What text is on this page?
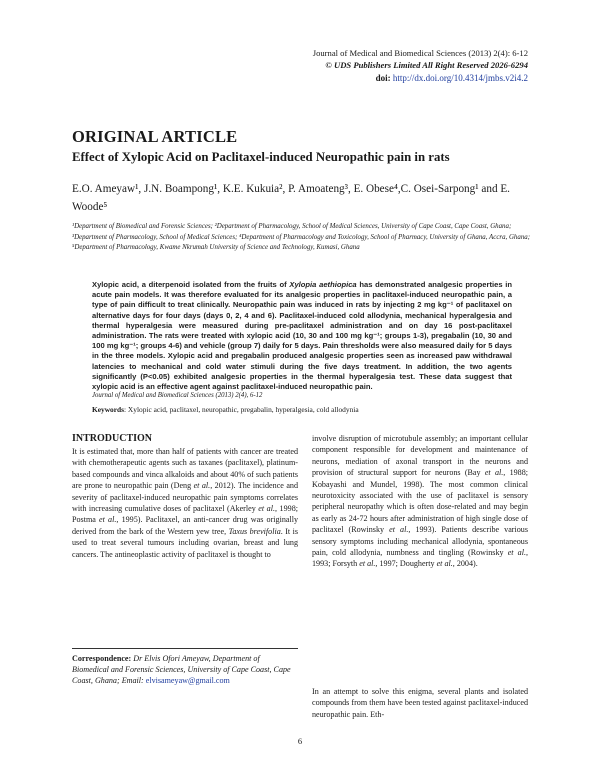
Journal of Medical and Biomedical Sciences (2013) 2(4): 6-12
© UDS Publishers Limited All Right Reserved 2026-6294
doi: http://dx.doi.org/10.4314/jmbs.v2i4.2
ORIGINAL ARTICLE
Effect of Xylopic Acid on Paclitaxel-induced Neuropathic pain in rats
E.O. Ameyaw¹, J.N. Boampong¹, K.E. Kukuia², P. Amoateng³, E. Obese⁴,C. Osei-Sarpong¹ and E. Woode⁵
¹Department of Biomedical and Forensic Sciences; ²Department of Pharmacology, School of Medical Sciences, University of Cape Coast, Cape Coast, Ghana; ³Department of Pharmacology, School of Medical Sciences; ⁴Department of Pharmacology and Toxicology, School of Pharmacy, University of Ghana, Accra, Ghana; ⁵Department of Pharmacology, Kwame Nkrumah University of Science and Technology, Kumasi, Ghana
Xylopic acid, a diterpenoid isolated from the fruits of Xylopia aethiopica has demonstrated analgesic properties in acute pain models. It was therefore evaluated for its analgesic properties in paclitaxel-induced neuropathic pain, a type of pain difficult to treat clinically. Neuropathic pain was induced in rats by injecting 2 mg kg⁻¹ of paclitaxel on alternative days for four days (days 0, 2, 4 and 6). Paclitaxel-induced cold allodynia, mechanical hyperalgesia and thermal hyperalgesia were measured during pre-paclitaxel administration and on day 16 post-paclitaxel administration. The rats were treated with xylopic acid (10, 30 and 100 mg kg⁻¹; groups 1-3), pregabalin (10, 30 and 100 mg kg⁻¹; groups 4-6) and vehicle (group 7) daily for 5 days. Pain thresholds were also measured daily for 5 days in the three models. Xylopic acid and pregabalin produced analgesic properties seen as increased paw withdrawal latencies to mechanical and cold water stimuli during the five days treatment. In addition, the two agents significantly (P<0.05) exhibited analgesic properties in the thermal hyperalgesia test. These data suggest that xylopic acid is an effective agent against paclitaxel-induced neuropathic pain.
Journal of Medical and Biomedical Sciences (2013) 2(4), 6-12
Keywords: Xylopic acid, paclitaxel, neuropathic, pregabalin, hyperalgesia, cold allodynia
INTRODUCTION
It is estimated that, more than half of patients with cancer are treated with chemotherapeutic agents such as taxanes (paclitaxel), platinum-based compounds and vinca alkaloids and about 40% of such patients are prone to neuropathic pain (Deng et al., 2012). The incidence and severity of paclitaxel-induced neuropathic pain symptoms correlates with increasing cumulative doses of paclitaxel (Akerley et al., 1998; Postma et al., 1995). Paclitaxel, an anti-cancer drug was originally derived from the bark of the Western yew tree, Taxus brevifolia. It is used to treat several tumours including ovarian, breast and lung cancers. The antineoplastic activity of paclitaxel is thought to
involve disruption of microtubule assembly; an important cellular component responsible for development and maintenance of neurons, mediation of axonal transport in the neurons and provision of structural support for neurons (Bay et al., 1988; Kobayashi and Mundel, 1998). The most common clinical neurotoxicity associated with the use of paclitaxel is sensory peripheral neuropathy which is often dose-related and may begin as early as 24-72 hours after administration of high single dose of paclitaxel (Rowinsky et al., 1993). Patients describe various sensory symptoms including mechanical allodynia, spontaneous pain, cold allodynia, numbness and tingling (Rowinsky et al., 1993; Forsyth et al., 1997; Dougherty et al., 2004).
Correspondence: Dr Elvis Ofori Ameyaw, Department of Biomedical and Forensic Sciences, University of Cape Coast, Cape Coast, Ghana; Email: elvisameyaw@gmail.com
In an attempt to solve this enigma, several plants and isolated compounds from them have been tested against paclitaxel-induced neuropathic pain. Eth-
6
